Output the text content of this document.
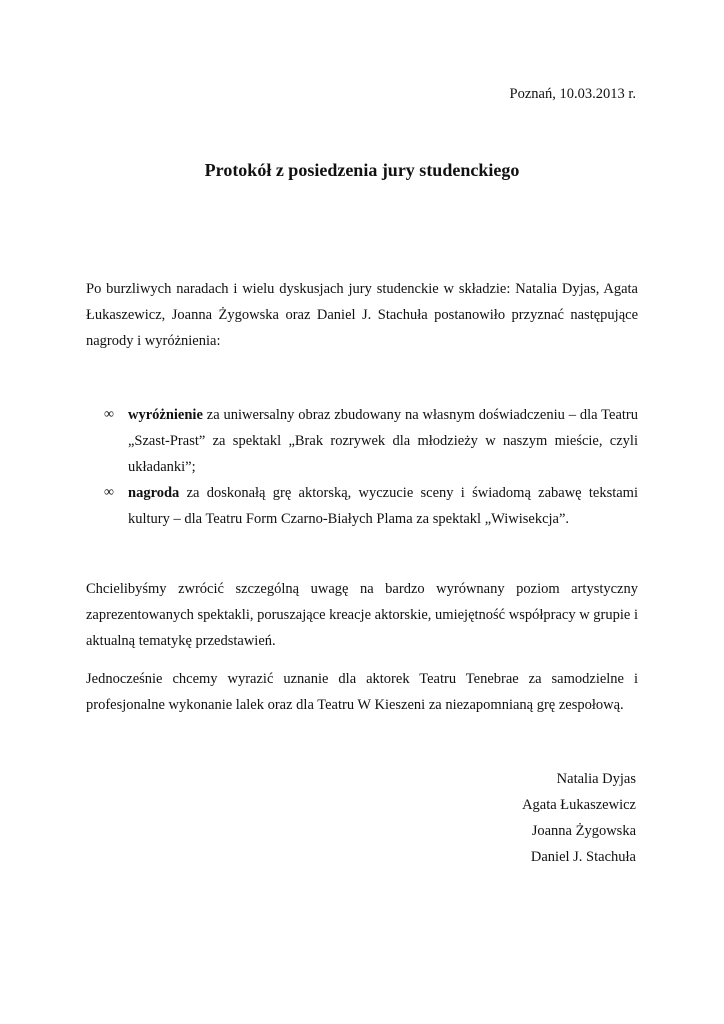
Poznań, 10.03.2013 r.
Protokół z posiedzenia jury studenckiego
Po burzliwych naradach i wielu dyskusjach jury studenckie w składzie: Natalia Dyjas, Agata Łukaszewicz, Joanna Żygowska oraz Daniel J. Stachuła postanowiło przyznać następujące nagrody i wyróżnienia:
∞ wyróżnienie za uniwersalny obraz zbudowany na własnym doświadczeniu – dla Teatru „Szast-Prast” za spektakl „Brak rozrywek dla młodzieży w naszym mieście, czyli układanki”;
∞ nagroda za doskonałą grę aktorską, wyczucie sceny i świadomą zabawę tekstami kultury – dla Teatru Form Czarno-Białych Plama za spektakl „Wiwisekcja”.
Chcielibyśmy zwrócić szczególną uwagę na bardzo wyrównany poziom artystyczny zaprezentowanych spektakli, poruszające kreacje aktorskie, umiejętność współpracy w grupie i aktualną tematykę przedstawień.
Jednocześnie chcemy wyrazić uznanie dla aktorek Teatru Tenebrae za samodzielne i profesjonalne wykonanie lalek oraz dla Teatru W Kieszeni za niezapomnianą grę zespołową.
Natalia Dyjas
Agata Łukaszewicz
Joanna Żygowska
Daniel J. Stachuła
